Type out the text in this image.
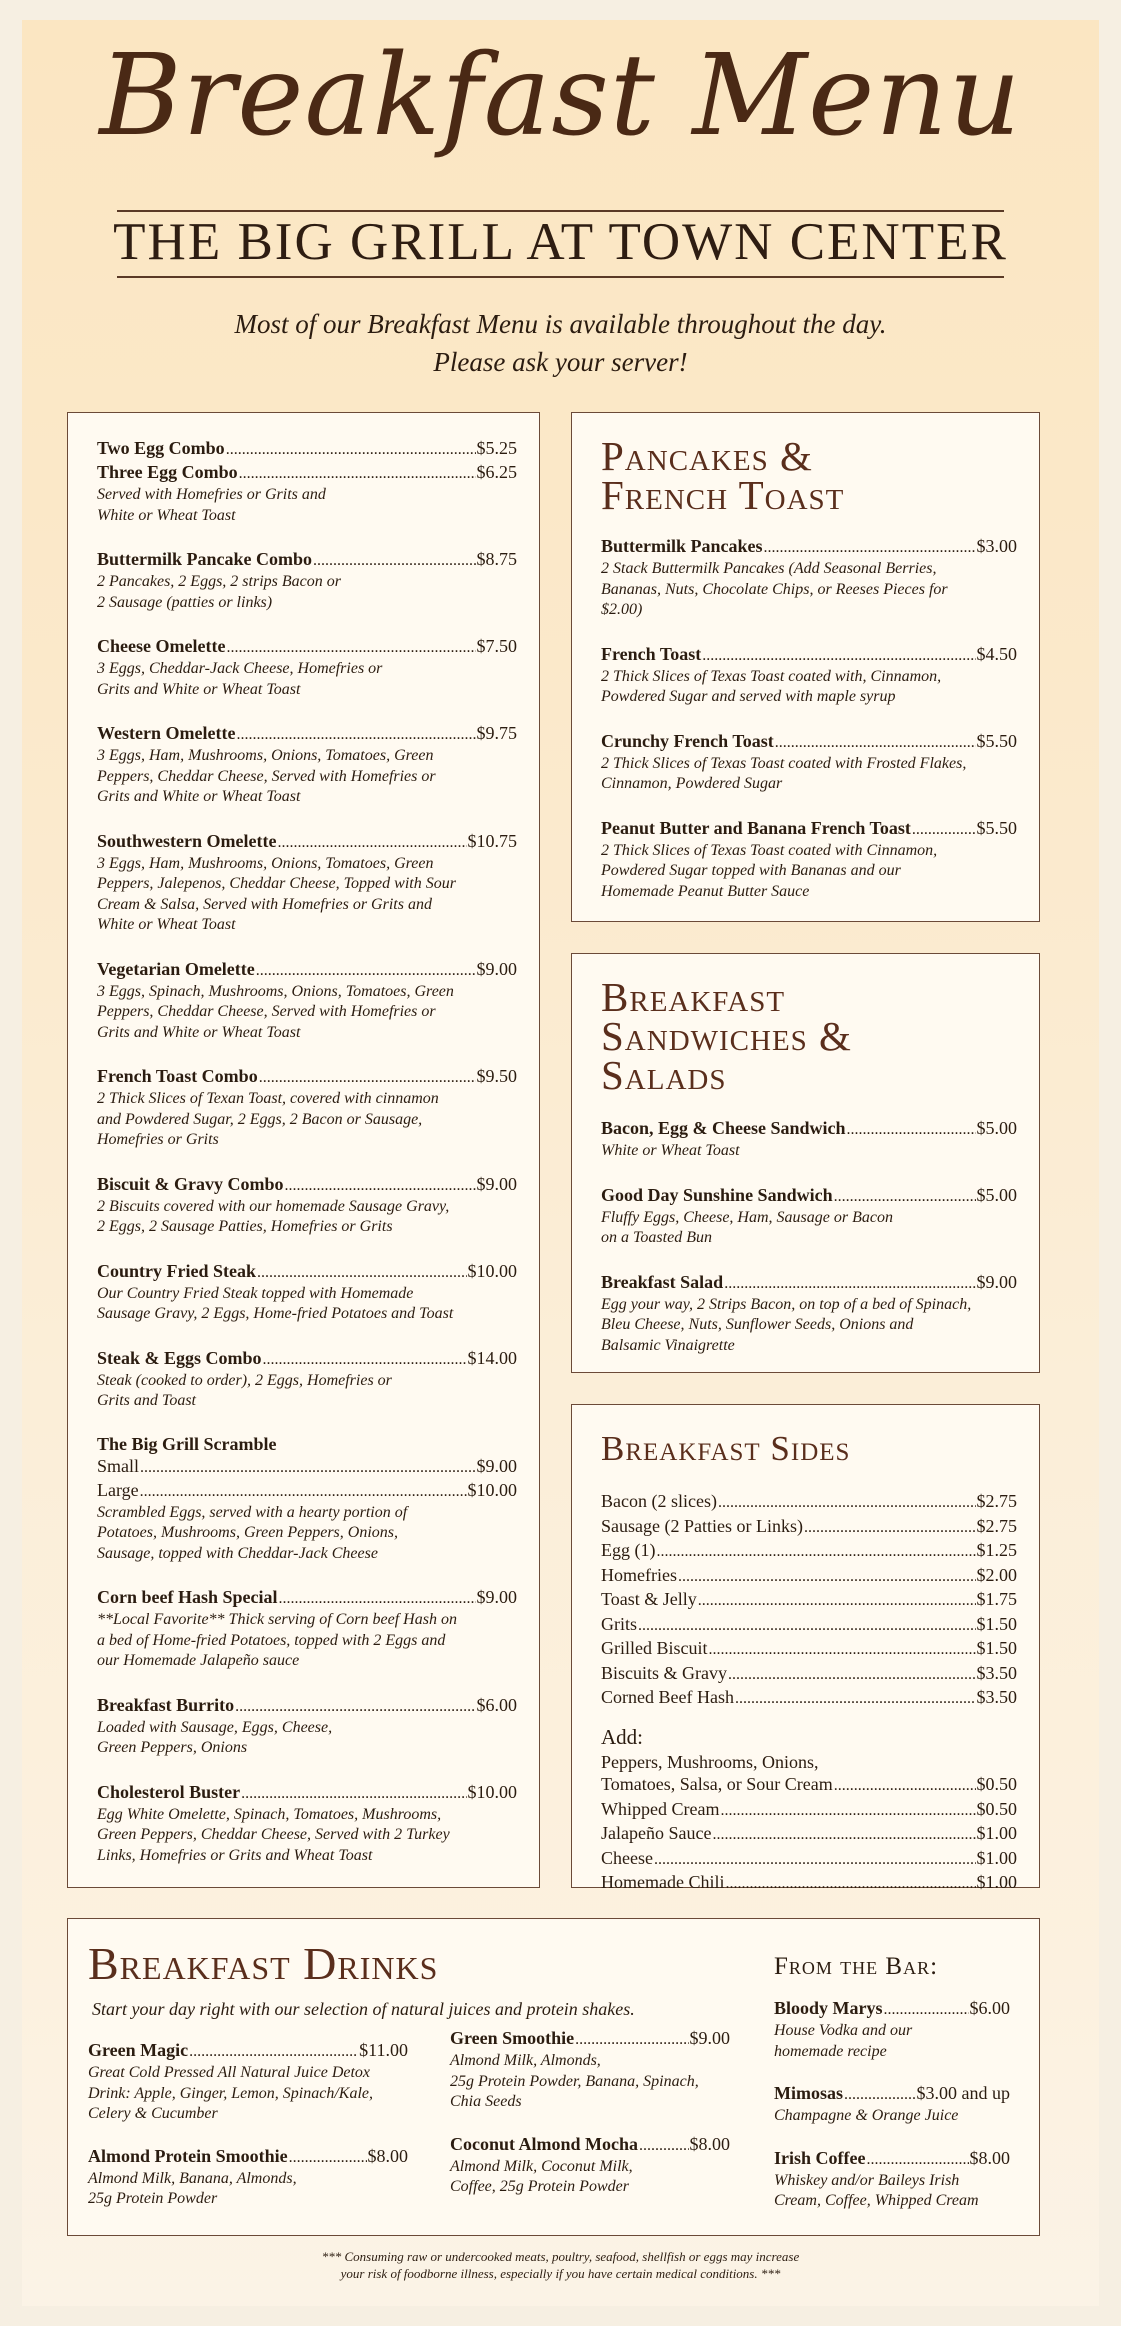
Breakfast Menu
THE BIG GRILL AT TOWN CENTER
Most of our Breakfast Menu is available throughout the day.
Please ask your server!
Two Egg Combo .....	$5.25
Three Egg Combo .....	$6.25
Served with Homefries or Grits and
White or Wheat Toast
Buttermilk Pancake Combo .....	$8.75
2 Pancakes, 2 Eggs, 2 strips Bacon or
2 Sausage (patties or links)
Cheese Omelette .....	$7.50
3 Eggs, Cheddar-Jack Cheese, Homefries or
Grits and White or Wheat Toast
Western Omelette .....	$9.75
3 Eggs, Ham, Mushrooms, Onions, Tomatoes, Green
Peppers, Cheddar Cheese, Served with Homefries or
Grits and White or Wheat Toast
Southwestern Omelette .....	$10.75
3 Eggs, Ham, Mushrooms, Onions, Tomatoes, Green
Peppers, Jalepenos, Cheddar Cheese, Topped with Sour
Cream & Salsa, Served with Homefries or Grits and
White or Wheat Toast
Vegetarian Omelette .....	$9.00
3 Eggs, Spinach, Mushrooms, Onions, Tomatoes, Green
Peppers, Cheddar Cheese, Served with Homefries or
Grits and White or Wheat Toast
French Toast Combo .....	$9.50
2 Thick Slices of Texan Toast, covered with cinnamon
and Powdered Sugar, 2 Eggs, 2 Bacon or Sausage,
Homefries or Grits
Biscuit & Gravy Combo .....	$9.00
2 Biscuits covered with our homemade Sausage Gravy,
2 Eggs, 2 Sausage Patties, Homefries or Grits
Country Fried Steak .....	$10.00
Our Country Fried Steak topped with Homemade
Sausage Gravy, 2 Eggs, Home-fried Potatoes and Toast
Steak & Eggs Combo .....	$14.00
Steak (cooked to order), 2 Eggs, Homefries or
Grits and Toast
The Big Grill Scramble
Small .....	$9.00
Large .....	$10.00
Scrambled Eggs, served with a hearty portion of
Potatoes, Mushrooms, Green Peppers, Onions,
Sausage, topped with Cheddar-Jack Cheese
Corn beef Hash Special .....	$9.00
**Local Favorite** Thick serving of Corn beef Hash on
a bed of Home-fried Potatoes, topped with 2 Eggs and
our Homemade Jalapeño sauce
Breakfast Burrito .....	$6.00
Loaded with Sausage, Eggs, Cheese,
Green Peppers, Onions
Cholesterol Buster .....	$10.00
Egg White Omelette, Spinach, Tomatoes, Mushrooms,
Green Peppers, Cheddar Cheese, Served with 2 Turkey
Links, Homefries or Grits and Wheat Toast
Pancakes &
French Toast
Buttermilk Pancakes .....	$3.00
2 Stack Buttermilk Pancakes (Add Seasonal Berries,
Bananas, Nuts, Chocolate Chips, or Reeses Pieces for
$2.00)
French Toast .....	$4.50
2 Thick Slices of Texas Toast coated with, Cinnamon,
Powdered Sugar and served with maple syrup
Crunchy French Toast .....	$5.50
2 Thick Slices of Texas Toast coated with Frosted Flakes,
Cinnamon, Powdered Sugar
Peanut Butter and Banana French Toast .....	$5.50
2 Thick Slices of Texas Toast coated with Cinnamon,
Powdered Sugar topped with Bananas and our
Homemade Peanut Butter Sauce
Breakfast
Sandwiches &
Salads
Bacon, Egg & Cheese Sandwich .....	$5.00
White or Wheat Toast
Good Day Sunshine Sandwich .....	$5.00
Fluffy Eggs, Cheese, Ham, Sausage or Bacon
on a Toasted Bun
Breakfast Salad .....	$9.00
Egg your way, 2 Strips Bacon, on top of a bed of Spinach,
Bleu Cheese, Nuts, Sunflower Seeds, Onions and
Balsamic Vinaigrette
Breakfast Sides
Bacon (2 slices) .....	$2.75
Sausage (2 Patties or Links) .....	$2.75
Egg (1) .....	$1.25
Homefries .....	$2.00
Toast & Jelly .....	$1.75
Grits .....	$1.50
Grilled Biscuit .....	$1.50
Biscuits & Gravy .....	$3.50
Corned Beef Hash .....	$3.50
Add:
Peppers, Mushrooms, Onions,
Tomatoes, Salsa, or Sour Cream .....	$0.50
Whipped Cream .....	$0.50
Jalapeño Sauce .....	$1.00
Cheese .....	$1.00
Homemade Chili .....	$1.00
Breakfast Drinks
Start your day right with our selection of natural juices and protein shakes.
Green Magic .....	$11.00
Great Cold Pressed All Natural Juice Detox
Drink: Apple, Ginger, Lemon, Spinach/Kale,
Celery & Cucumber
Almond Protein Smoothie .....	$8.00
Almond Milk, Banana, Almonds,
25g Protein Powder
Green Smoothie .....	$9.00
Almond Milk, Almonds,
25g Protein Powder, Banana, Spinach,
Chia Seeds
Coconut Almond Mocha .....	$8.00
Almond Milk, Coconut Milk,
Coffee, 25g Protein Powder
From the Bar:
Bloody Marys .....	$6.00
House Vodka and our
homemade recipe
Mimosas .....	$3.00 and up
Champagne & Orange Juice
Irish Coffee .....	$8.00
Whiskey and/or Baileys Irish
Cream, Coffee, Whipped Cream
*** Consuming raw or undercooked meats, poultry, seafood, shellfish or eggs may increase
your risk of foodborne illness, especially if you have certain medical conditions. ***
